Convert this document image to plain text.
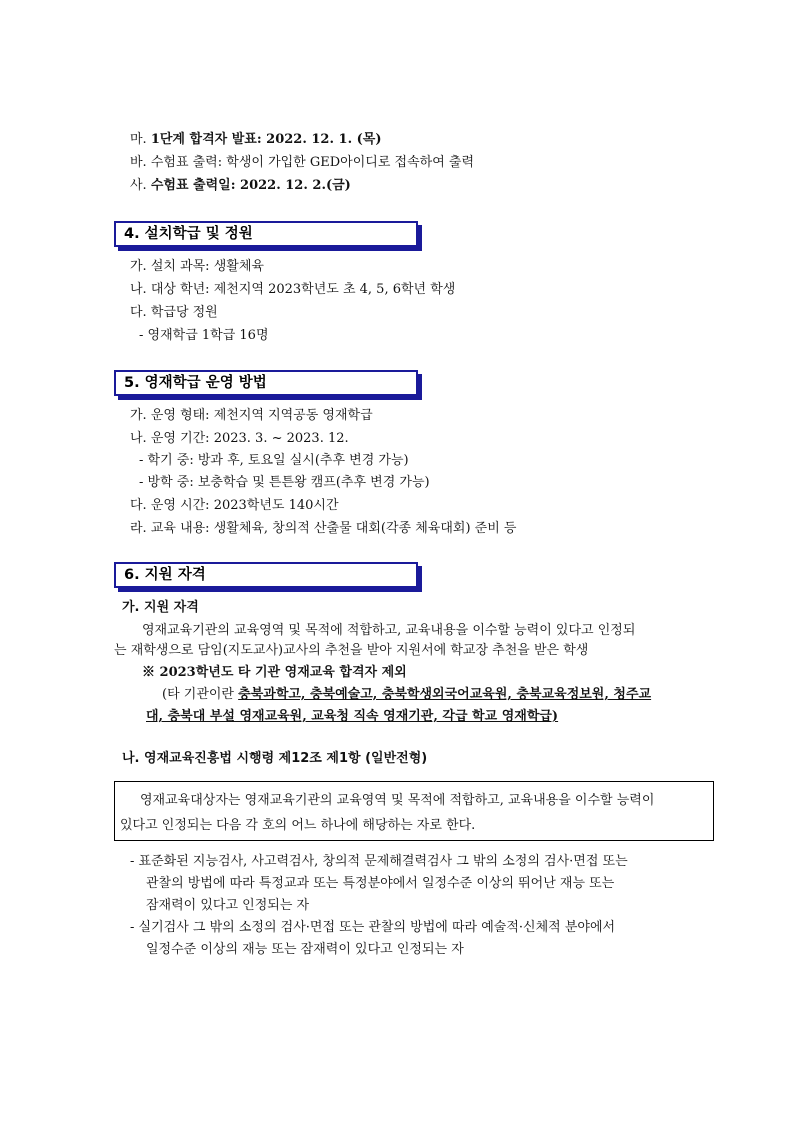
마. 1단계 합격자 발표: 2022. 12. 1. (목)
바. 수험표 출력: 학생이 가입한 GED아이디로 접속하여 출력
사. 수험표 출력일: 2022. 12. 2.(금)
4. 설치학급 및 정원
가. 설치 과목: 생활체육
나. 대상 학년: 제천지역 2023학년도 초 4, 5, 6학년 학생
다. 학급당 정원
- 영재학급 1학급 16명
5. 영재학급 운영 방법
가. 운영 형태: 제천지역 지역공동 영재학급
나. 운영 기간: 2023. 3. ~ 2023. 12.
- 학기 중: 방과 후, 토요일 실시(추후 변경 가능)
- 방학 중: 보충학습 및 튼튼왕 캠프(추후 변경 가능)
다. 운영 시간: 2023학년도 140시간
라. 교육 내용: 생활체육, 창의적 산출물 대회(각종 체육대회) 준비 등
6. 지원 자격
가. 지원 자격
영재교육기관의 교육영역 및 목적에 적합하고, 교육내용을 이수할 능력이 있다고 인정되
는 재학생으로 담임(지도교사)교사의 추천을 받아 지원서에 학교장 추천을 받은 학생
※ 2023학년도 타 기관 영재교육 합격자 제외
(타 기관이란 충북과학고, 충북예술고, 충북학생외국어교육원, 충북교육정보원, 청주교
대, 충북대 부설 영재교육원, 교육청 직속 영재기관, 각급 학교 영재학급)
나. 영재교육진흥법 시행령 제12조 제1항 (일반전형)
영재교육대상자는 영재교육기관의 교육영역 및 목적에 적합하고, 교육내용을 이수할 능력이
있다고 인정되는 다음 각 호의 어느 하나에 해당하는 자로 한다.
- 표준화된 지능검사, 사고력검사, 창의적 문제해결력검사 그 밖의 소정의 검사·면접 또는
관찰의 방법에 따라 특정교과 또는 특정분야에서 일정수준 이상의 뛰어난 재능 또는
잠재력이 있다고 인정되는 자
- 실기검사 그 밖의 소정의 검사·면접 또는 관찰의 방법에 따라 예술적·신체적 분야에서
일정수준 이상의 재능 또는 잠재력이 있다고 인정되는 자
